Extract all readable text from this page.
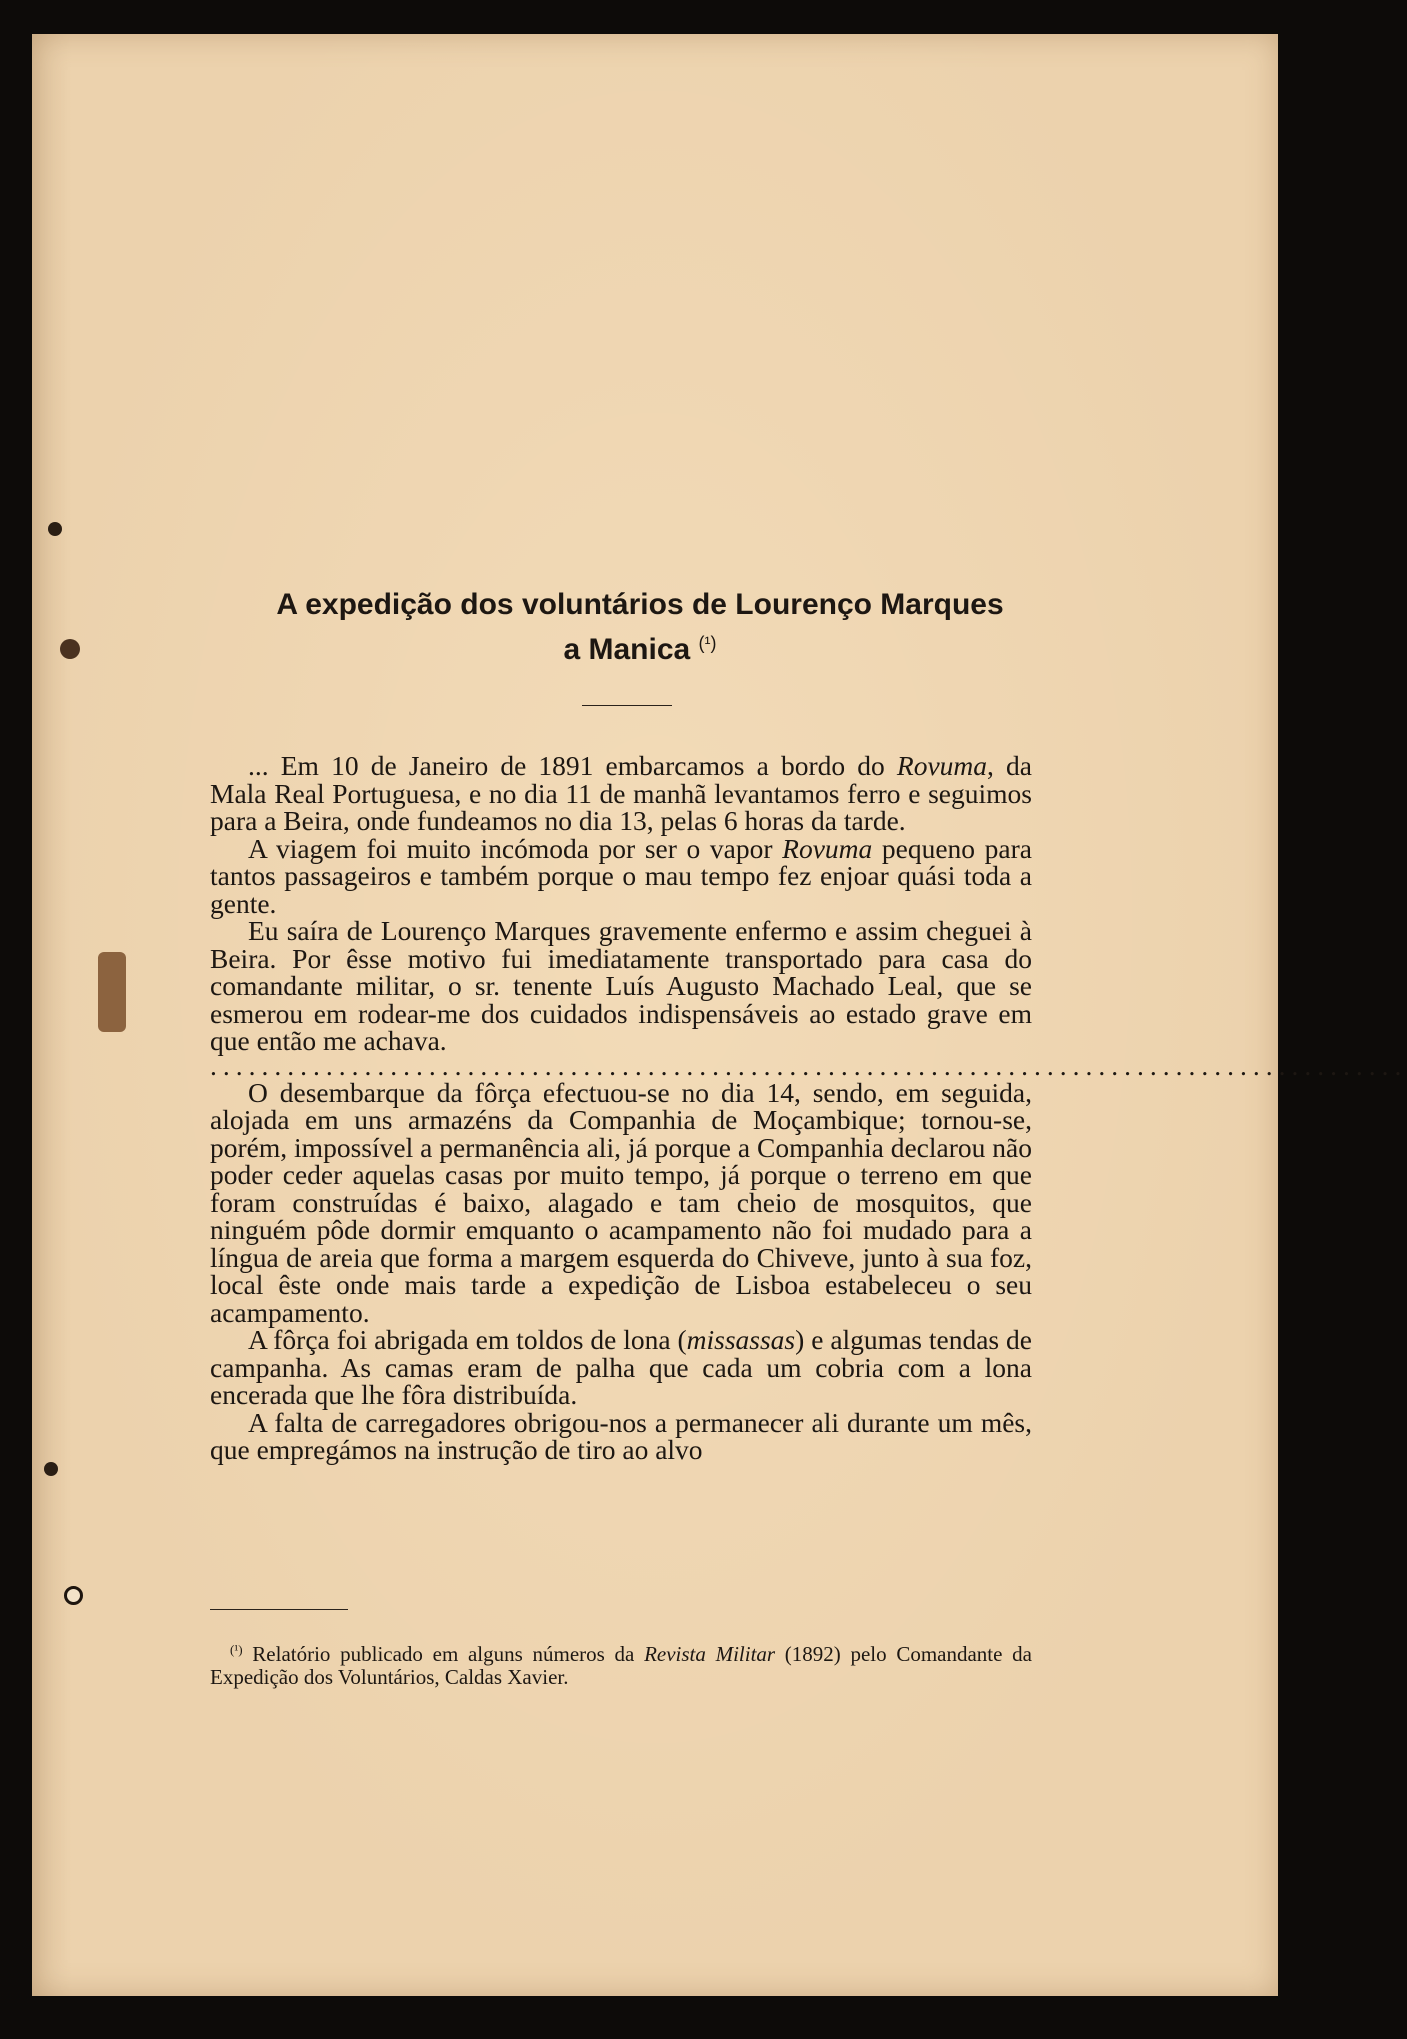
A expedição dos voluntários de Lourenço Marques
a Manica $^{(^1)}$

... Em 10 de Janeiro de 1891 embarcamos a bordo do Rovuma, da Mala Real Portuguesa, e no dia 11 de manhã levantamos ferro e seguimos para a Beira, onde fundeamos no dia 13, pelas 6 horas da tarde.

A viagem foi muito incómoda por ser o vapor Rovuma pequeno para tantos passageiros e também porque o mau tempo fez enjoar quási toda a gente.

Eu saíra de Lourenço Marques gravemente enfermo e assim cheguei à Beira. Por êsse motivo fui imediatamente transportado para casa do comandante militar, o sr. tenente Luís Augusto Machado Leal, que se esmerou em rodear-me dos cuidados indispensáveis ao estado grave em que então me achava.

.............................................................................................

O desembarque da fôrça efectuou-se no dia 14, sendo, em seguida, alojada em uns armazéns da Companhia de Moçambique; tornou-se, porém, impossível a permanência ali, já porque a Companhia declarou não poder ceder aquelas casas por muito tempo, já porque o terreno em que foram construídas é baixo, alagado e tam cheio de mosquitos, que ninguém pôde dormir emquanto o acampamento não foi mudado para a língua de areia que forma a margem esquerda do Chiveve, junto à sua foz, local êste onde mais tarde a expedição de Lisboa estabeleceu o seu acampamento.

A fôrça foi abrigada em toldos de lona (missassas) e algumas tendas de campanha. As camas eram de palha que cada um cobria com a lona encerada que lhe fôra distribuída.

A falta de carregadores obrigou-nos a permanecer ali durante um mês, que empregámos na instrução de tiro ao alvo

$^{(^1)}$ Relatório publicado em alguns números da Revista Militar (1892) pelo Comandante da Expedição dos Voluntários, Caldas Xavier.
